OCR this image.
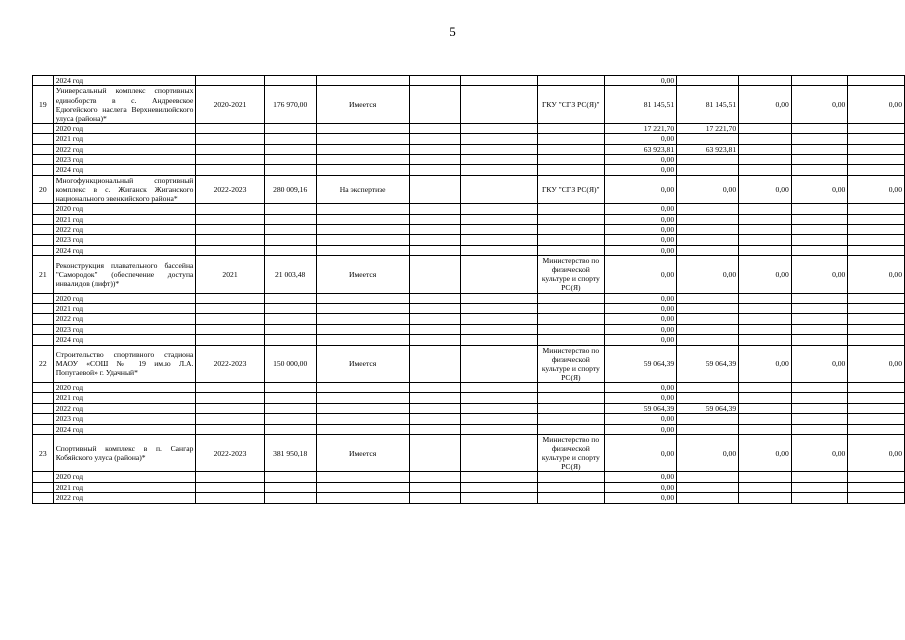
5
	2024 год							0,00				
19	Универсальный комплекс спортивных единоборств в с. Андреевское Едюгейского наслега Верхневилюйского улуса (района)*	2020-2021	176 970,00	Имеется			ГКУ "СГЗ РС(Я)"	81 145,51	81 145,51	0,00	0,00	0,00
	2020 год							17 221,70	17 221,70			
	2021 год							0,00				
	2022 год							63 923,81	63 923,81			
	2023 год							0,00				
	2024 год							0,00				
20	Многофункциональный спортивный комплекс в с. Жиганск Жиганского национального эвенкийского района*	2022-2023	280 009,16	На экспертизе			ГКУ "СГЗ РС(Я)"	0,00	0,00	0,00	0,00	0,00
	2020 год							0,00				
	2021 год							0,00				
	2022 год							0,00				
	2023 год							0,00				
	2024 год							0,00				
21	Реконструкция плавательного бассейна "Самородок" (обеспечение доступа инвалидов (лифт))*	2021	21 003,48	Имеется			Министерство по физической культуре и спорту РС(Я)	0,00	0,00	0,00	0,00	0,00
	2020 год							0,00				
	2021 год							0,00				
	2022 год							0,00				
	2023 год							0,00				
	2024 год							0,00				
22	Строительство спортивного стадиона МАОУ «СОШ № 19 им.ю Л.А. Попугаевой» г. Удачный*	2022-2023	150 000,00	Имеется			Министерство по физической культуре и спорту РС(Я)	59 064,39	59 064,39	0,00	0,00	0,00
	2020 год							0,00				
	2021 год							0,00				
	2022 год							59 064,39	59 064,39			
	2023 год							0,00				
	2024 год							0,00				
23	Спортивный комплекс в п. Сангар Кобяйского улуса (района)*	2022-2023	381 950,18	Имеется			Министерство по физической культуре и спорту РС(Я)	0,00	0,00	0,00	0,00	0,00
	2020 год							0,00				
	2021 год							0,00				
	2022 год							0,00				
